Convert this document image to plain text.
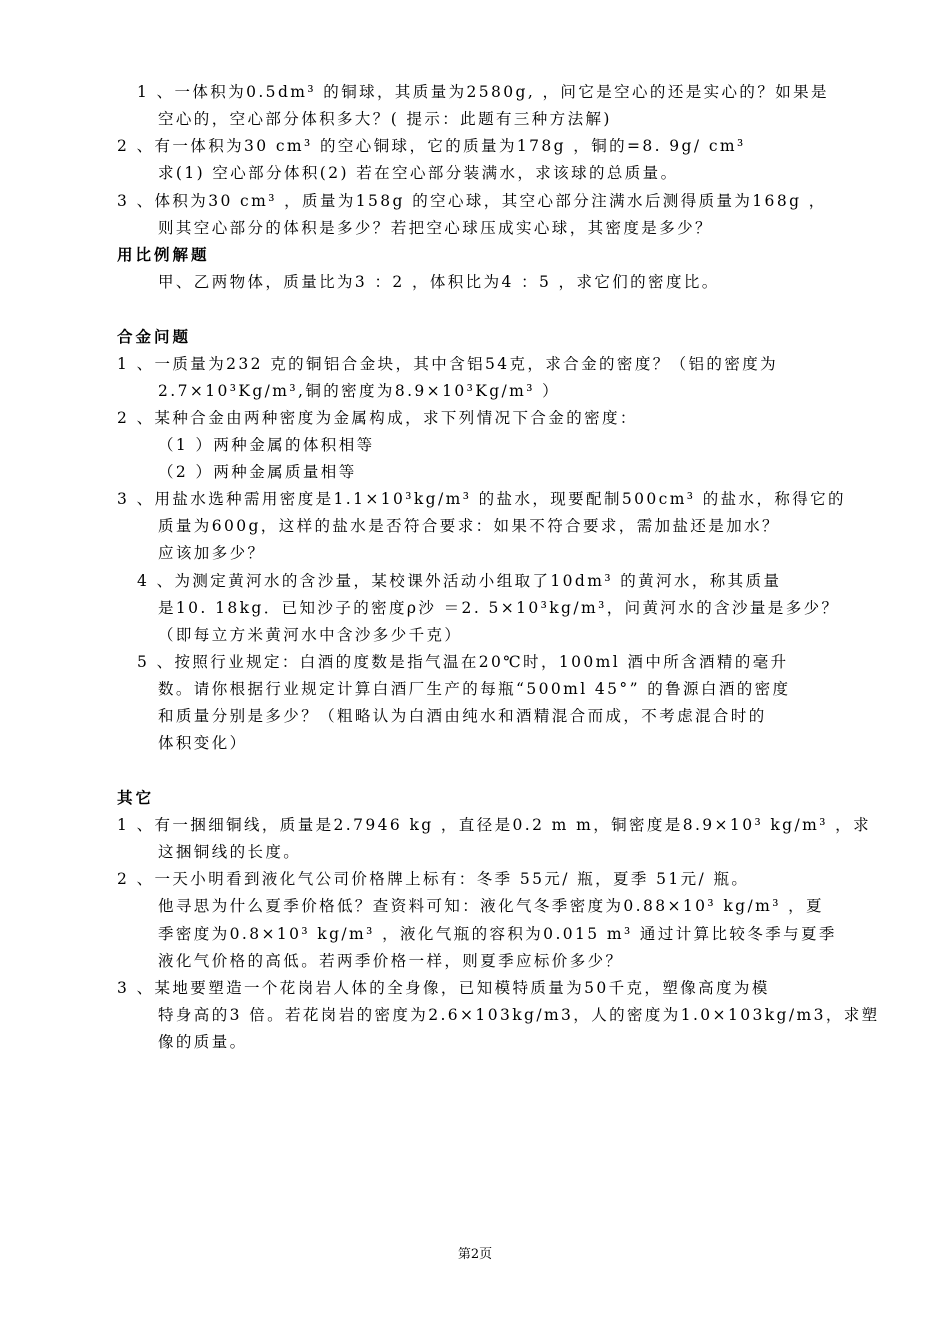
1 、一体积为0.5dm³ 的铜球，其质量为2580g, ，问它是空心的还是实心的？如果是
空心的，空心部分体积多大？( 提示：此题有三种方法解)
2 、有一体积为30 cm³ 的空心铜球，它的质量为178g ，铜的=8. 9g/ cm³
求(1) 空心部分体积(2) 若在空心部分装满水，求该球的总质量。
3 、体积为30 cm³ ，质量为158g 的空心球，其空心部分注满水后测得质量为168g ，
则其空心部分的体积是多少？若把空心球压成实心球，其密度是多少？
用比例解题
甲、乙两物体，质量比为3 ：2 ，体积比为4 ：5 ，求它们的密度比。
合金问题
1 、一质量为232 克的铜铝合金块，其中含铝54克，求合金的密度？（铝的密度为
2.7×10³Kg/m³,铜的密度为8.9×10³Kg/m³ ）
2 、某种合金由两种密度为金属构成，求下列情况下合金的密度：
（1 ）两种金属的体积相等
（2 ）两种金属质量相等
3 、用盐水选种需用密度是1.1×10³kg/m³ 的盐水，现要配制500cm³ 的盐水，称得它的
质量为600g，这样的盐水是否符合要求：如果不符合要求，需加盐还是加水？
应该加多少？
4 、为测定黄河水的含沙量，某校课外活动小组取了10dm³ 的黄河水，称其质量
是10. 18kg．已知沙子的密度ρ沙 ＝2. 5×10³kg/m³，问黄河水的含沙量是多少？
（即每立方米黄河水中含沙多少千克）
5 、按照行业规定：白酒的度数是指气温在20℃时，100ml 酒中所含酒精的毫升
数。请你根据行业规定计算白酒厂生产的每瓶“500ml 45°” 的鲁源白酒的密度
和质量分别是多少？（粗略认为白酒由纯水和酒精混合而成，不考虑混合时的
体积变化）
其它
1 、有一捆细铜线，质量是2.7946 kg ，直径是0.2 m m，铜密度是8.9×10³ kg/m³ ，求
这捆铜线的长度。
2 、一天小明看到液化气公司价格牌上标有：冬季 55元/ 瓶，夏季 51元/ 瓶。
他寻思为什么夏季价格低？查资料可知：液化气冬季密度为0.88×10³ kg/m³ ，夏
季密度为0.8×10³ kg/m³ ，液化气瓶的容积为0.015 m³ 通过计算比较冬季与夏季
液化气价格的高低。若两季价格一样，则夏季应标价多少？
3 、某地要塑造一个花岗岩人体的全身像，已知模特质量为50千克，塑像高度为模
特身高的3 倍。若花岗岩的密度为2.6×103kg/m3，人的密度为1.0×103kg/m3，求塑
像的质量。
第2页
